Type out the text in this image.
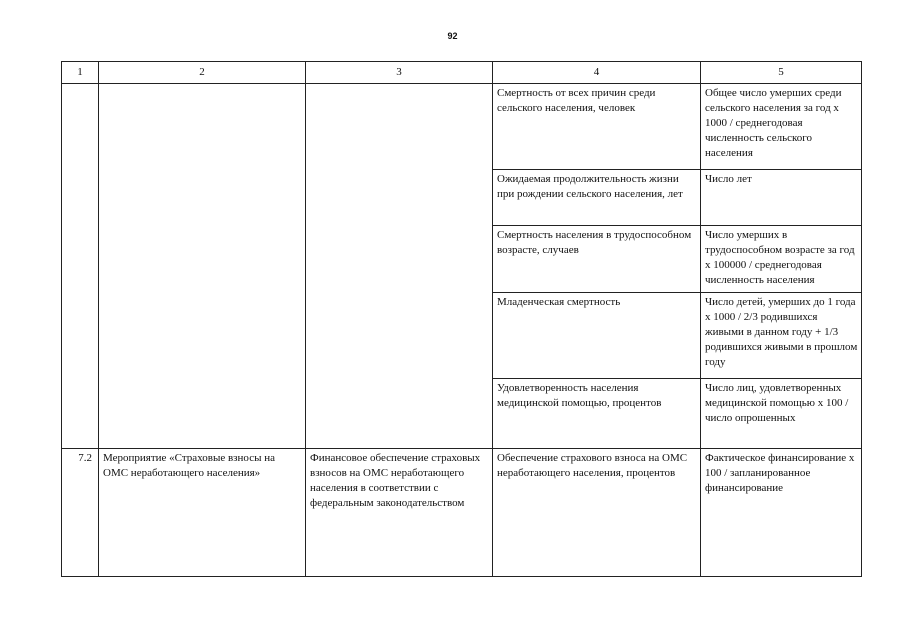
92
1	2	3	4	5
			Смертность от всех причин среди сельского населения, человек	Общее число умерших среди сельского населения за год х 1000 / среднегодовая численность сельского населения
			Ожидаемая продолжительность жизни при рождении сельского населения, лет	Число лет
			Смертность населения в трудоспособном возрасте, случаев	Число умерших в трудоспособном возрасте за год х 100000 / среднегодовая численность населения
			Младенческая смертность	Число детей, умерших до 1 года х 1000 / 2/3 родившихся живыми в данном году + 1/3 родившихся живыми в прошлом году
			Удовлетворенность населения медицинской помощью, процентов	Число лиц, удовлетворенных медицинской помощью х 100 / число опрошенных
7.2	Мероприятие «Страховые взносы на ОМС неработающего населения»	Финансовое обеспечение страховых взносов на ОМС неработающего населения в соответствии с федеральным законодательством	Обеспечение страхового взноса на ОМС неработающего населения, процентов	Фактическое финансирование х 100 / запланированное финансирование
